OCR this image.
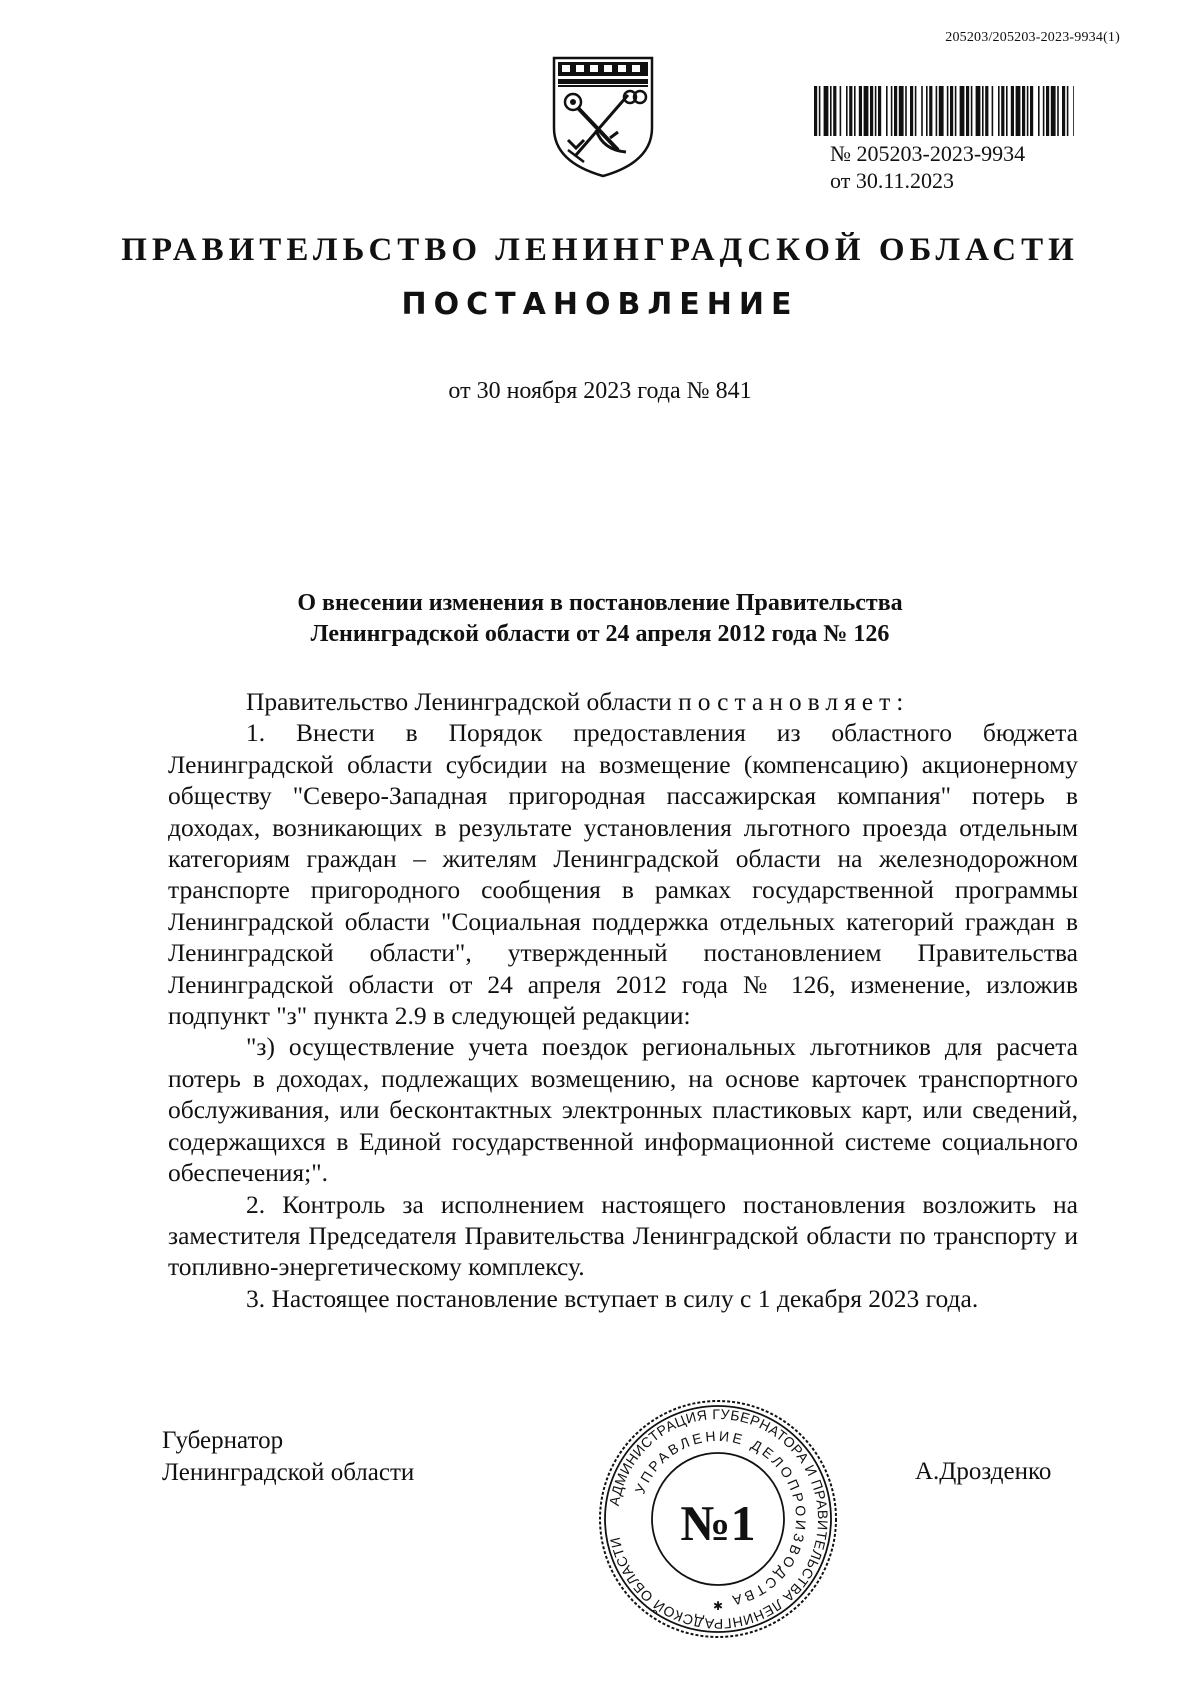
205203/205203-2023-9934(1)
№ 205203-2023-9934
от 30.11.2023
ПРАВИТЕЛЬСТВО ЛЕНИНГРАДСКОЙ ОБЛАСТИ
ПОСТАНОВЛЕНИЕ
от 30 ноября 2023 года № 841
О внесении изменения в постановление Правительства
Ленинградской области от 24 апреля 2012 года № 126

Правительство Ленинградской области постановляет:

1. Внести в Порядок предоставления из областного бюджета Ленинградской области субсидии на возмещение (компенсацию) акционерному обществу "Северо-Западная пригородная пассажирская компания" потерь в доходах, возникающих в результате установления льготного проезда отдельным категориям граждан – жителям Ленинградской области на железнодорожном транспорте пригородного сообщения в рамках государственной программы Ленинградской области "Социальная поддержка отдельных категорий граждан в Ленинградской области", утвержденный постановлением Правительства Ленинградской области от 24 апреля 2012 года № 126, изменение, изложив подпункт "з" пункта 2.9 в следующей редакции:

"з) осуществление учета поездок региональных льготников для расчета потерь в доходах, подлежащих возмещению, на основе карточек транспортного обслуживания, или бесконтактных электронных пластиковых карт, или сведений, содержащихся в Единой государственной информационной системе социального обеспечения;".

2. Контроль за исполнением настоящего постановления возложить на заместителя Председателя Правительства Ленинградской области по транспорту и топливно-энергетическому комплексу.

3. Настоящее постановление вступает в силу с 1 декабря 2023 года.

Губернатор
Ленинградской области	А.Дрозденко
АДМИНИСТРАЦИЯ ГУБЕРНАТОРА И ПРАВИТЕЛЬСТВА ЛЕНИНГРАДСКОЙ ОБЛАСТИ
УПРАВЛЕНИЕ ДЕЛОПРОИЗВОДСТВА
№1
✱
